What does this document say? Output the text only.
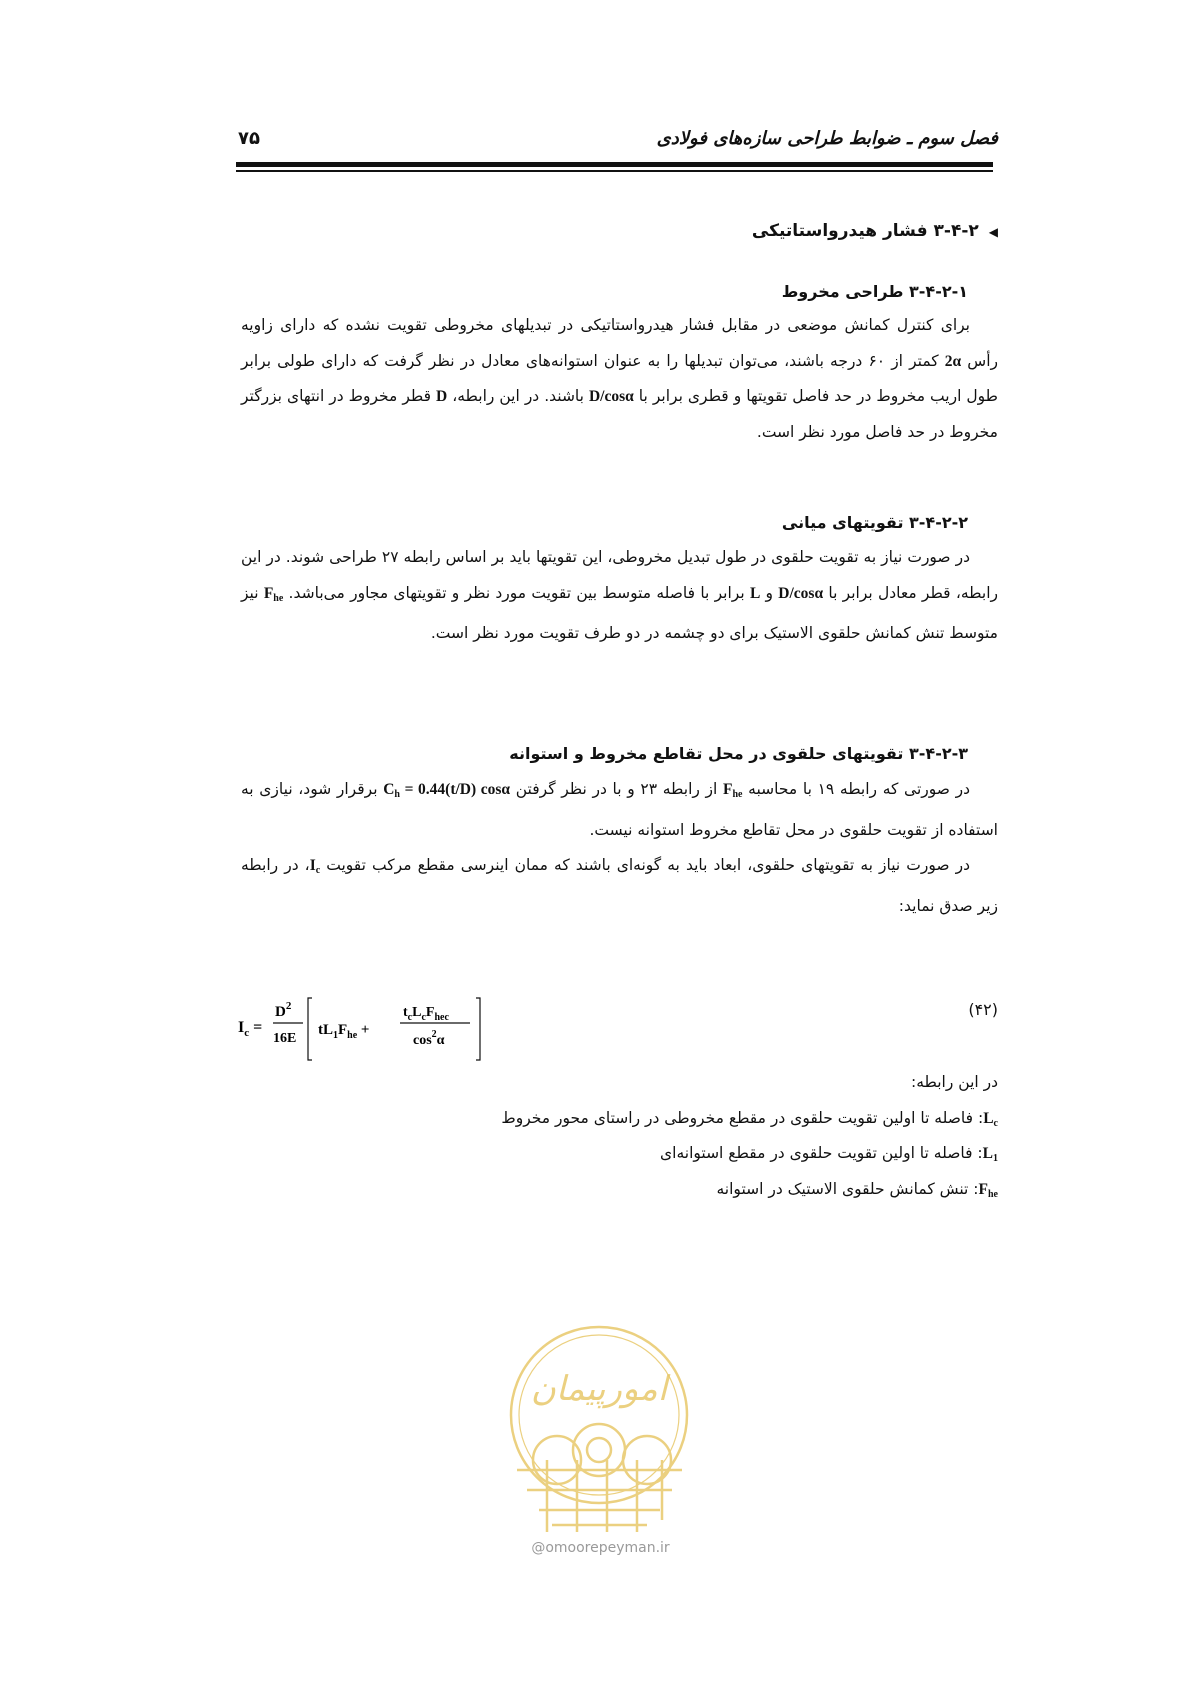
فصل سوم ـ ضوابط طراحی سازه‌های فولادی
۷۵
◀۳-۴-۲ فشار هیدرواستاتیکی
۳-۴-۲-۱ طراحی مخروط

برای کنترل کمانش موضعی در مقابل فشار هیدرواستاتیکی در تبدیلهای مخروطی تقویت نشده که دارای زاویه رأس 2α کمتر از ۶۰ درجه باشند، می‌توان تبدیلها را به عنوان استوانه‌های معادل در نظر گرفت که دارای طولی برابر طول اریب مخروط در حد فاصل تقویتها و قطری برابر با D/cosα باشند. در این رابطه، D قطر مخروط در انتهای بزرگتر مخروط در حد فاصل مورد نظر است.

۳-۴-۲-۲ تقویتهای میانی

در صورت نیاز به تقویت حلقوی در طول تبدیل مخروطی، این تقویتها باید بر اساس رابطه ۲۷ طراحی شوند. در این رابطه، قطر معادل برابر با D/cosα و L برابر با فاصله متوسط بین تقویت مورد نظر و تقویتهای مجاور می‌باشد. $F_{he}$ نیز متوسط تنش کمانش حلقوی الاستیک برای دو چشمه در دو طرف تقویت مورد نظر است.

۳-۴-۲-۳ تقویتهای حلقوی در محل تقاطع مخروط و استوانه

در صورتی که رابطه ۱۹ با محاسبه $F_{he}$ از رابطه ۲۳ و با در نظر گرفتن $C_h = 0.44(t/D)$ cosα برقرار شود، نیازی به استفاده از تقویت حلقوی در محل تقاطع مخروط استوانه نیست.

در صورت نیاز به تقویتهای حلقوی، ابعاد باید به گونه‌ای باشند که ممان اینرسی مقطع مرکب تقویت $I_c،$ در رابطه زیر صدق نماید:

$I_c$ =
$D^2$
16E
$tL_1F_{he}$ +
$t_cL_cF_{hec}$
$\cos^2\alpha$
(۴۲)
در این رابطه:
$L_c$: فاصله تا اولین تقویت حلقوی در مقطع مخروطی در راستای محور مخروط
$L_1$: فاصله تا اولین تقویت حلقوی در مقطع استوانه‌ای
$F_{he}$: تنش کمانش حلقوی الاستیک در استوانه
امورپیمان
@omoorepeyman.ir
